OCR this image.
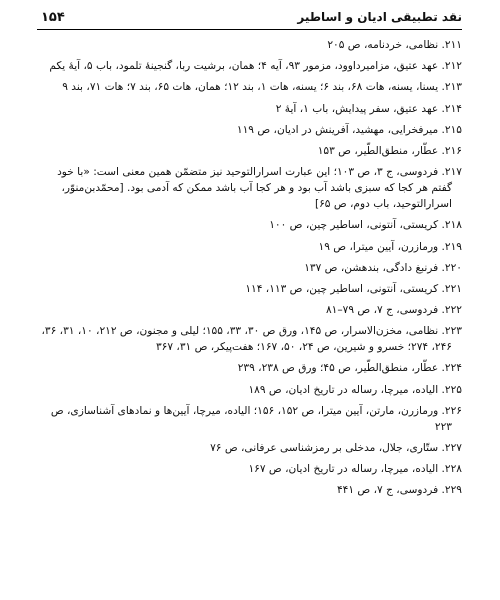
۱۵۴	نقد تطبیقی ادیان و اساطیر
۲۱۱. نظامی، خردنامه، ص ۲۰۵
۲۱۲. عهد عتیق، مزامیرداوود، مزمور ۹۳، آیه ۴؛ همان، برشیت ربا، گنجینهٔ تلمود، باب ۵، آیهٔ یکم
۲۱۳. یسنا، یسنه، هات ۶۸، بند ۶؛ یسنه، هات ۱، بند ۱۲؛ همان، هات ۶۵، بند ۷؛ هات ۷۱، بند ۹
۲۱۴. عهد عتیق، سفر پیدایش، باب ۱، آیهٔ ۲
۲۱۵. میرفخرایی، مهشید، آفرینش در ادیان، ص ۱۱۹
۲۱۶. عطّار، منطق‌الطّیر، ص ۱۵۳
۲۱۷. فردوسی، ج ۳، ص ۱۰۳؛ این عبارت اسرارالتوحید نیز متضمّن همین معنی است: «با خود گفتم هر کجا که سبزی باشد آب بود و هر کجا آب باشد ممکن که آدمی بود. [محمّدبن‌منوّر، اسرارالتوحید، باب دوم، ص ۶۵]
۲۱۸. کریستی، آنتونی، اساطیر چین، ص ۱۰۰
۲۱۹. ورمازرن، آیین میترا، ص ۱۹
۲۲۰. فرنبغ دادگی، بندهشن، ص ۱۳۷
۲۲۱. کریستی، آنتونی، اساطیر چین، ص ۱۱۳، ۱۱۴
۲۲۲. فردوسی، ج ۷، ص ۷۹–۸۱
۲۲۳. نظامی، مخزن‌الاسرار، ص ۱۴۵، ورق ص ۳۰، ۳۳، ۱۵۵؛ لیلی و مجنون، ص ۲۱۲، ۱۰، ۳۱، ۳۶، ۲۴۶، ۲۷۴؛ خسرو و شیرین، ص ۲۴، ۵۰، ۱۶۷؛ هفت‌پیکر، ص ۳۱، ۳۶۷
۲۲۴. عطّار، منطق‌الطّیر، ص ۴۵؛ ورق ص ۲۳۸، ۲۳۹
۲۲۵. الیاده، میرچا، رساله در تاریخ ادیان، ص ۱۸۹
۲۲۶. ورمازرن، مارتن، آیین میترا، ص ۱۵۲، ۱۵۶؛ الیاده، میرچا، آیین‌ها و نمادهای آشناسازی، ص ۲۲۳
۲۲۷. ستّاری، جلال، مدخلی بر رمزشناسی عرفانی، ص ۷۶
۲۲۸. الیاده، میرچا، رساله در تاریخ ادیان، ص ۱۶۷
۲۲۹. فردوسی، ج ۷، ص ۴۴۱
